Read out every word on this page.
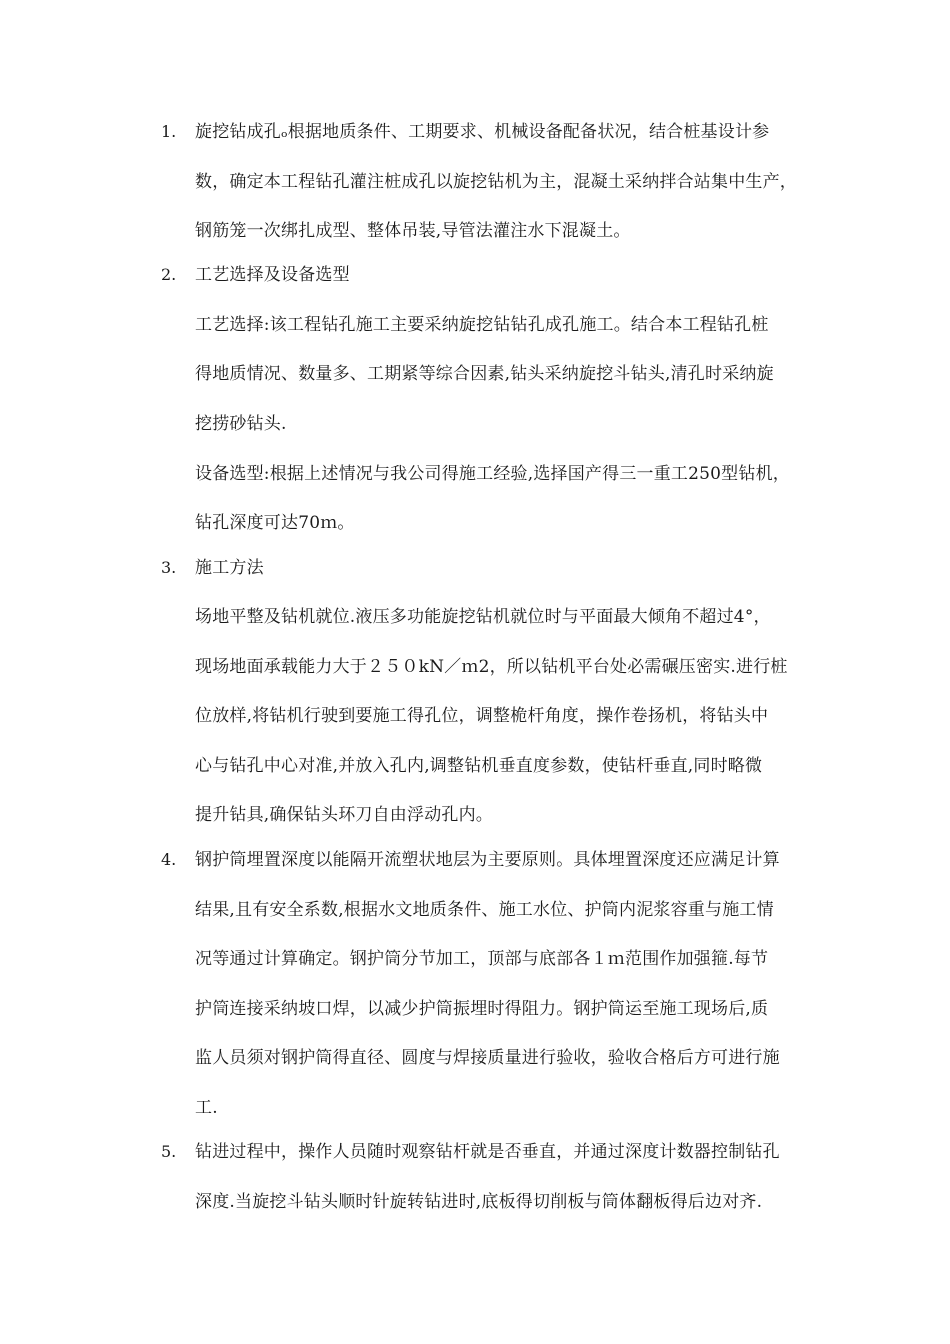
1. 旋挖钻成孔ₒ根据地质条件、工期要求、机械设备配备状况，结合桩基设计参
数，确定本工程钻孔灌注桩成孔以旋挖钻机为主，混凝土采纳拌合站集中生产，
钢筋笼一次绑扎成型、整体吊装,导管法灌注水下混凝土。
2. 工艺选择及设备选型
工艺选择:该工程钻孔施工主要采纳旋挖钻钻孔成孔施工。结合本工程钻孔桩
得地质情况、数量多、工期紧等综合因素,钻头采纳旋挖斗钻头,清孔时采纳旋
挖捞砂钻头.
设备选型:根据上述情况与我公司得施工经验,选择国产得三一重工250型钻机，
钻孔深度可达70ｍ。
3. 施工方法
场地平整及钻机就位.液压多功能旋挖钻机就位时与平面最大倾角不超过4°，
现场地面承载能力大于２５０kN／ｍ2，所以钻机平台处必需碾压密实.进行桩
位放样,将钻机行驶到要施工得孔位，调整桅杆角度，操作卷扬机，将钻头中
心与钻孔中心对准,并放入孔内,调整钻机垂直度参数，使钻杆垂直,同时略微
提升钻具,确保钻头环刀自由浮动孔内。
4. 钢护筒埋置深度以能隔开流塑状地层为主要原则。具体埋置深度还应满足计算
结果,且有安全系数,根据水文地质条件、施工水位、护筒内泥浆容重与施工情
况等通过计算确定。钢护筒分节加工，顶部与底部各１ｍ范围作加强箍.每节
护筒连接采纳坡口焊，以减少护筒振埋时得阻力。钢护筒运至施工现场后,质
监人员须对钢护筒得直径、圆度与焊接质量进行验收，验收合格后方可进行施
工.
5. 钻进过程中，操作人员随时观察钻杆就是否垂直，并通过深度计数器控制钻孔
深度.当旋挖斗钻头顺时针旋转钻进时,底板得切削板与筒体翻板得后边对齐.
